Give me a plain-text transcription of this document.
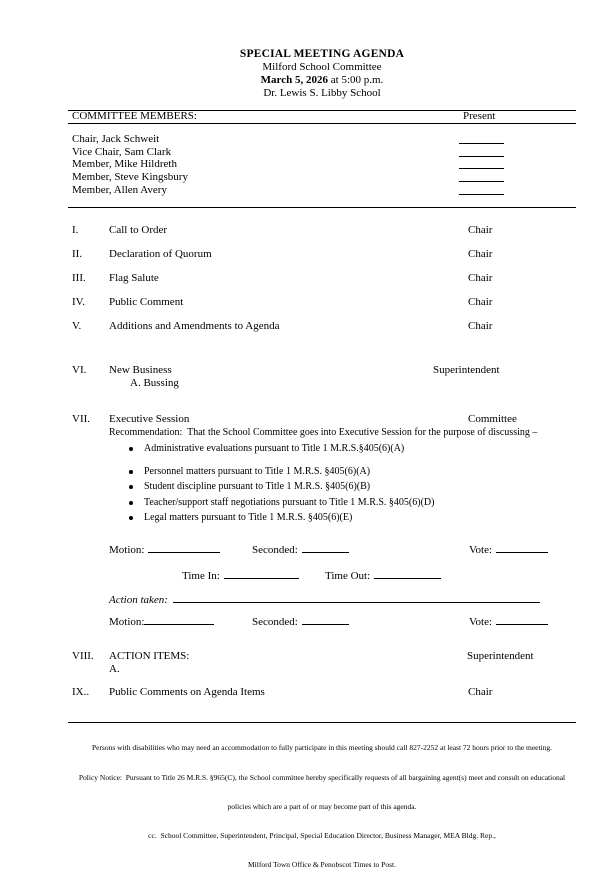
SPECIAL MEETING AGENDA
Milford School Committee
March 5, 2026 at 5:00 p.m.
Dr. Lewis S. Libby School
COMMITTEE MEMBERS:	Present
Chair, Jack Schweit
Vice Chair, Sam Clark
Member, Mike Hildreth
Member, Steve Kingsbury
Member, Allen Avery
I.	Call to Order	Chair
II. Declaration of Quorum	Chair
III. Flag Salute	Chair
IV. Public Comment	Chair
V.	Additions and Amendments to Agenda	Chair
VI. New Business	Superintendent
A. Bussing
VII. Executive Session	Committee
Recommendation:  That the School Committee goes into Executive Session for the purpose of discussing –
Administrative evaluations pursuant to Title 1 M.R.S.§405(6)(A)
Personnel matters pursuant to Title 1 M.R.S. §405(6)(A)
Student discipline pursuant to Title 1 M.R.S. §405(6)(B)
Teacher/support staff negotiations pursuant to Title 1 M.R.S. §405(6)(D)
Legal matters pursuant to Title 1 M.R.S. §405(6)(E)
Motion:	Seconded:	Vote:
Time In:	Time Out:
Action taken:
Motion:	Seconded:	Vote:
VIII. ACTION ITEMS:	Superintendent
A.
IX.. Public Comments on Agenda Items	Chair

Persons with disabilities who may need an accommodation to fully participate in this meeting should call 827-2252 at least 72 hours prior to the meeting.

Policy Notice:  Pursuant to Title 26 M.R.S. §965(C), the School committee hereby specifically requests of all bargaining agent(s) meet and consult on educational

policies which are a part of or may become part of this agenda.

cc.  School Committee, Superintendent, Principal, Special Education Director, Business Manager, MEA Bldg. Rep.,

Milford Town Office & Penobscot Times to Post.
